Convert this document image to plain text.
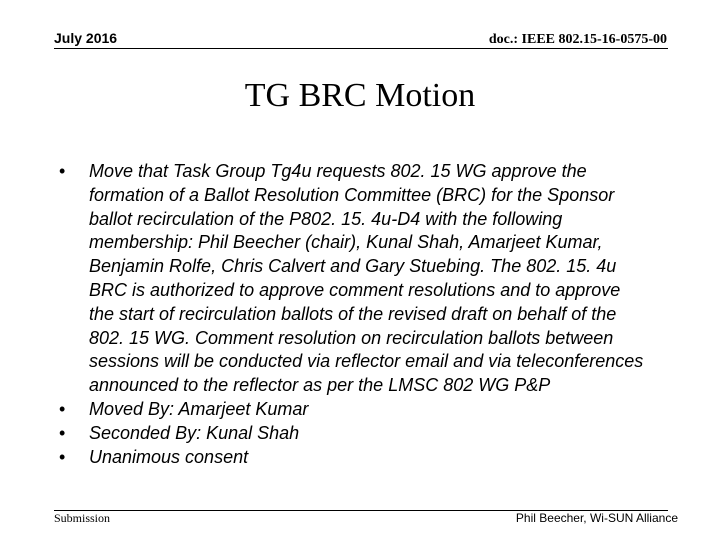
July 2016	doc.: IEEE 802.15-16-0575-00
TG BRC Motion
• Move that Task Group Tg4u requests 802. 15 WG approve the formation of a Ballot Resolution Committee (BRC) for the Sponsor ballot recirculation of the P802. 15. 4u-D4 with the following membership: Phil Beecher (chair), Kunal Shah, Amarjeet Kumar, Benjamin Rolfe, Chris Calvert and Gary Stuebing. The 802. 15. 4u BRC is authorized to approve comment resolutions and to approve the start of recirculation ballots of the revised draft on behalf of the 802. 15 WG. Comment resolution on recirculation ballots between sessions will be conducted via reflector email and via teleconferences announced to the reflector as per the LMSC 802 WG P&P
• Moved By: Amarjeet Kumar
• Seconded By: Kunal Shah
• Unanimous consent
Submission	Phil Beecher, Wi-SUN Alliance
